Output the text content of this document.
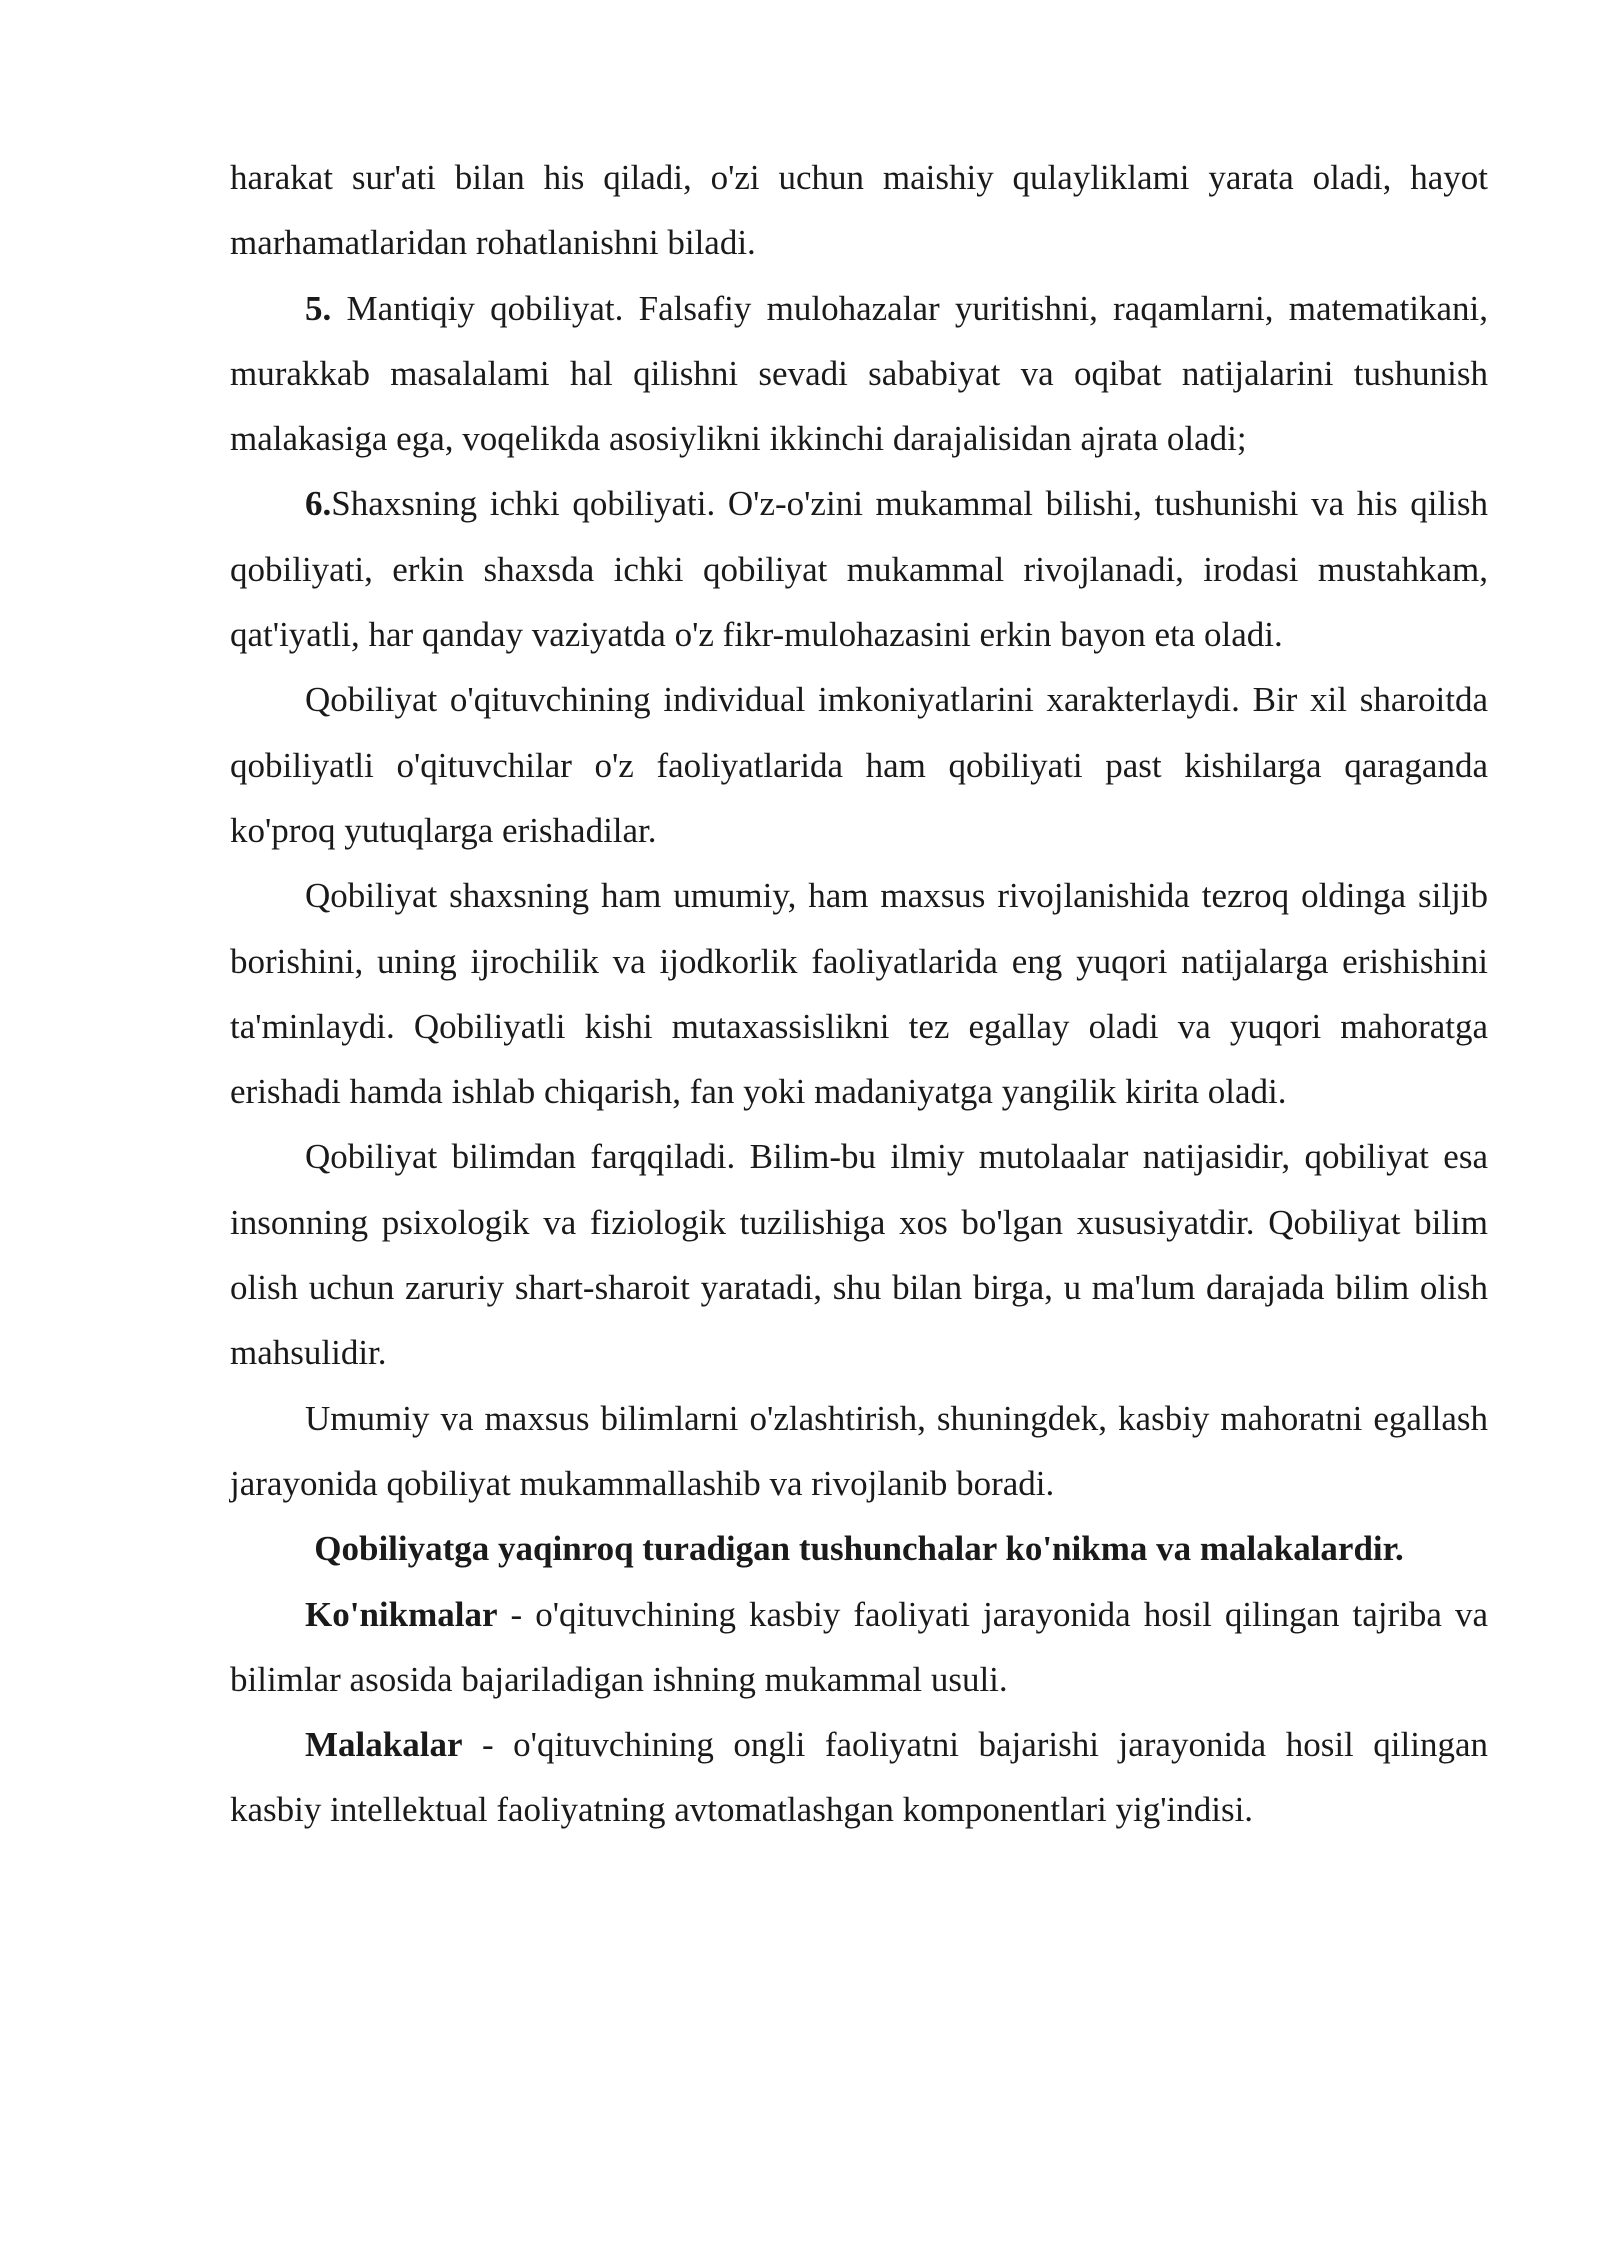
harakat sur'ati bilan his qiladi, o'zi uchun maishiy qulayliklami yarata oladi, hayot marhamatlaridan rohatlanishni biladi.

5. Mantiqiy qobiliyat. Falsafiy mulohazalar yuritishni, raqamlarni, matematikani, murakkab masalalami hal qilishni sevadi sababiyat va oqibat natijalarini tushunish malakasiga ega, voqelikda asosiylikni ikkinchi darajalisidan ajrata oladi;

6.Shaxsning ichki qobiliyati. O'z-o'zini mukammal bilishi, tushunishi va his qilish qobiliyati, erkin shaxsda ichki qobiliyat mukammal rivojlanadi, irodasi mustahkam, qat'iyatli, har qanday vaziyatda o'z fikr-mulohazasini erkin bayon eta oladi.

Qobiliyat o'qituvchining individual imkoniyatlarini xarakterlaydi. Bir xil sharoitda qobiliyatli o'qituvchilar o'z faoliyatlarida ham qobiliyati past kishilarga qaraganda ko'proq yutuqlarga erishadilar.

Qobiliyat shaxsning ham umumiy, ham maxsus rivojlanishida tezroq oldinga siljib borishini, uning ijrochilik va ijodkorlik faoliyatlarida eng yuqori natijalarga erishishini ta'minlaydi. Qobiliyatli kishi mutaxassislikni tez egallay oladi va yuqori mahoratga erishadi hamda ishlab chiqarish, fan yoki madaniyatga yangilik kirita oladi.

Qobiliyat bilimdan farqqiladi. Bilim-bu ilmiy mutolaalar natijasidir, qobiliyat esa insonning psixologik va fiziologik tuzilishiga xos bo'lgan xususiyatdir. Qobiliyat bilim olish uchun zaruriy shart-sharoit yaratadi, shu bilan birga, u ma'lum darajada bilim olish mahsulidir.

Umumiy va maxsus bilimlarni o'zlashtirish, shuningdek, kasbiy mahoratni egallash jarayonida qobiliyat mukammallashib va rivojlanib boradi.

Qobiliyatga yaqinroq turadigan tushunchalar ko'nikma va malakalardir.

Ko'nikmalar - o'qituvchining kasbiy faoliyati jarayonida hosil qilingan tajriba va bilimlar asosida bajariladigan ishning mukammal usuli.

Malakalar - o'qituvchining ongli faoliyatni bajarishi jarayonida hosil qilingan kasbiy intellektual faoliyatning avtomatlashgan komponentlari yig'indisi.
